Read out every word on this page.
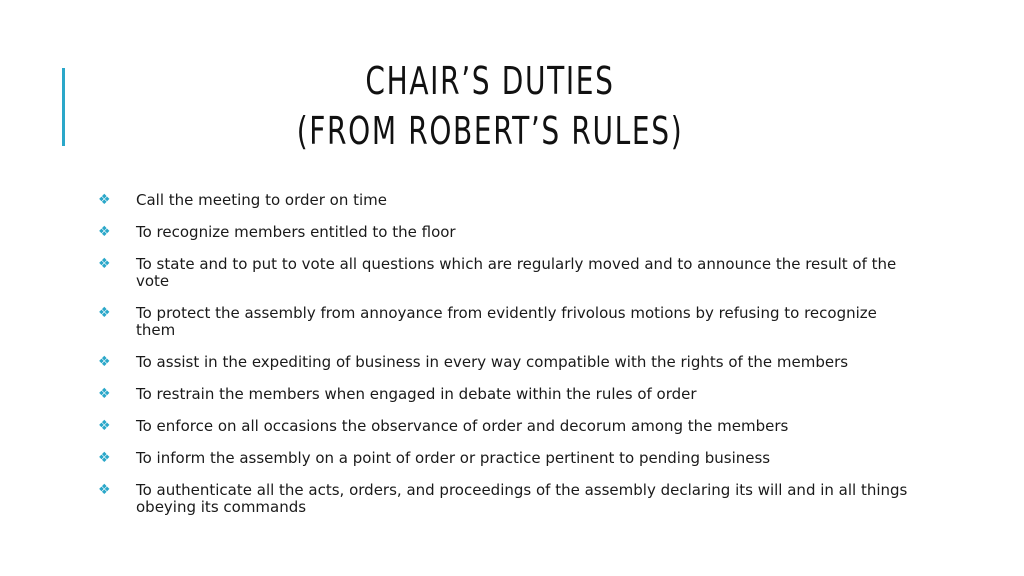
CHAIR’S DUTIES
(FROM ROBERT’S RULES)
❖	Call the meeting to order on time
❖	To recognize members entitled to the floor
❖	To state and to put to vote all questions which are regularly moved and to announce the result of the vote
❖	To protect the assembly from annoyance from evidently frivolous motions by refusing to recognize them
❖	To assist in the expediting of business in every way compatible with the rights of the members
❖	To restrain the members when engaged in debate within the rules of order
❖	To enforce on all occasions the observance of order and decorum among the members
❖	To inform the assembly on a point of order or practice pertinent to pending business
❖	To authenticate all the acts, orders, and proceedings of the assembly declaring its will and in all things obeying its commands
